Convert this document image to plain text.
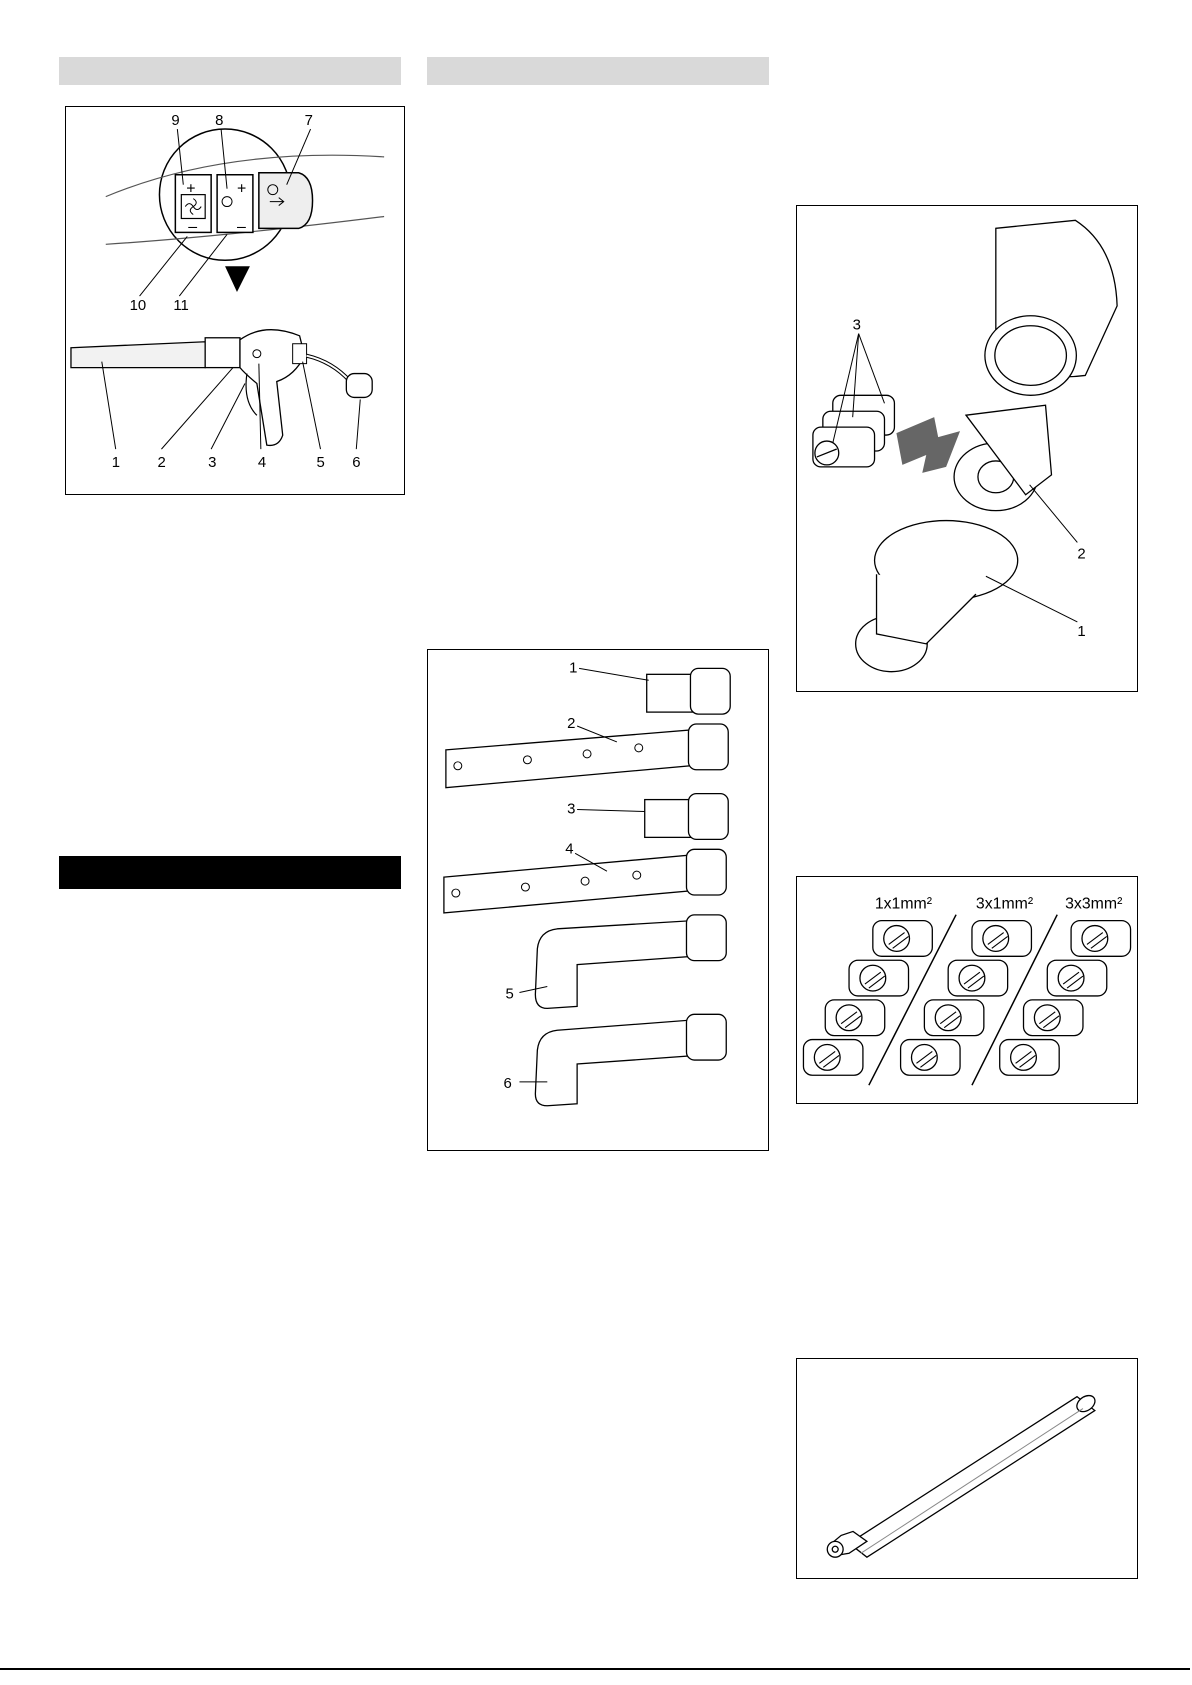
+
–
+
–
1 2	3	4	5 6
7
8
9
10 11
1
2
3
4
5
6
3
2
1
1x1mm²	3x1mm² 3x3mm²
